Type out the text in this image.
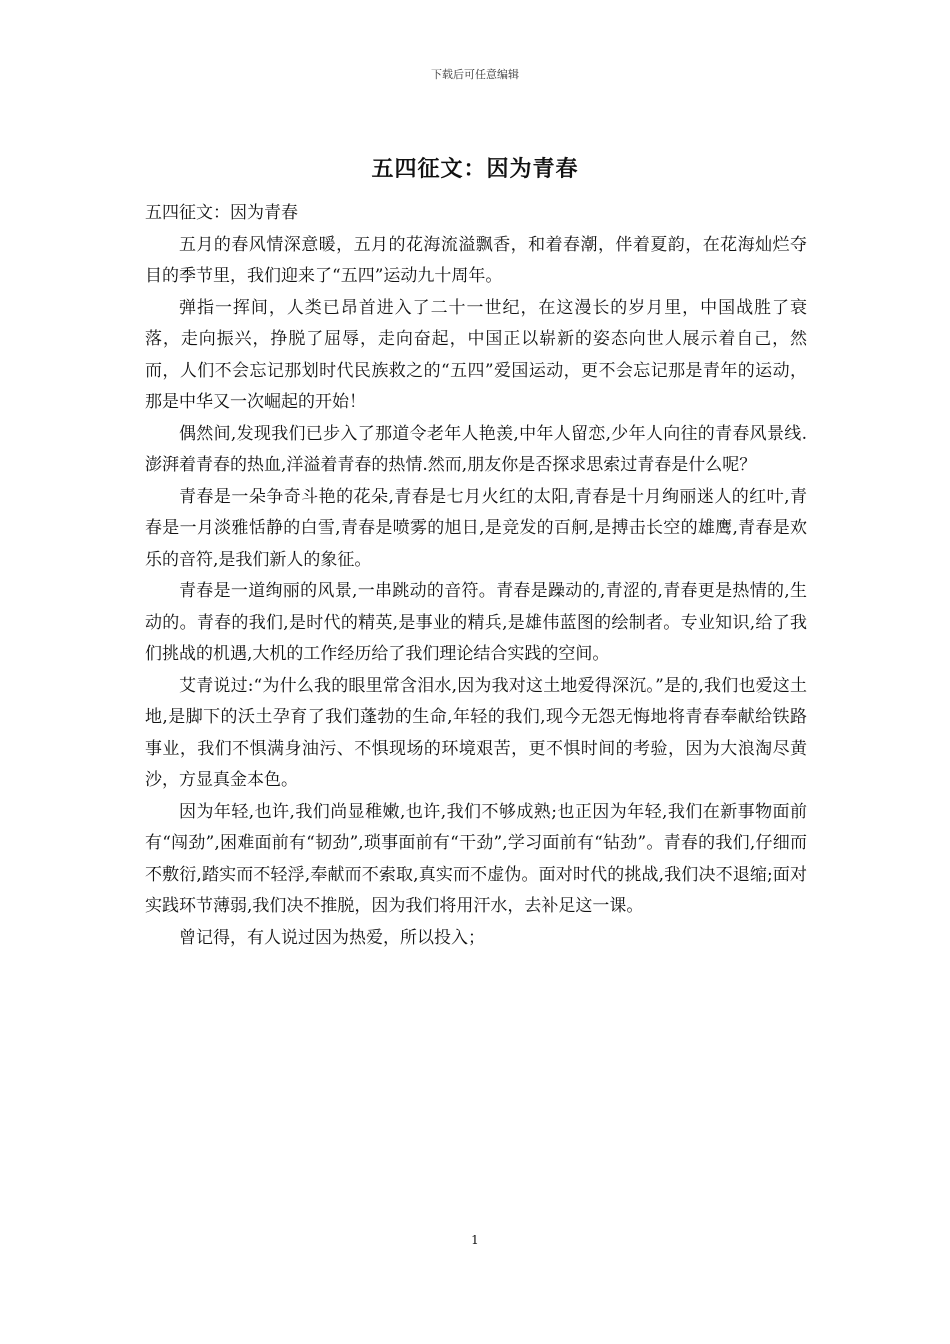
下载后可任意编辑
五四征文：因为青春

五四征文：因为青春

五月的春风情深意暖，五月的花海流溢飘香，和着春潮，伴着夏韵，在花海灿烂夺目的季节里，我们迎来了“五四”运动九十周年。

弹指一挥间，人类已昂首进入了二十一世纪，在这漫长的岁月里，中国战胜了衰落，走向振兴，挣脱了屈辱，走向奋起，中国正以崭新的姿态向世人展示着自己，然而，人们不会忘记那划时代民族救之的“五四”爱国运动，更不会忘记那是青年的运动，那是中华又一次崛起的开始！

偶然间,发现我们已步入了那道令老年人艳羡,中年人留恋,少年人向往的青春风景线.澎湃着青春的热血,洋溢着青春的热情.然而,朋友你是否探求思索过青春是什么呢？

青春是一朵争奇斗艳的花朵,青春是七月火红的太阳,青春是十月绚丽迷人的红叶,青春是一月淡雅恬静的白雪,青春是喷雾的旭日,是竞发的百舸,是搏击长空的雄鹰,青春是欢乐的音符,是我们新人的象征。

青春是一道绚丽的风景,一串跳动的音符。青春是躁动的,青涩的,青春更是热情的,生动的。青春的我们,是时代的精英,是事业的精兵,是雄伟蓝图的绘制者。专业知识,给了我们挑战的机遇,大机的工作经历给了我们理论结合实践的空间。

艾青说过:“为什么我的眼里常含泪水,因为我对这土地爱得深沉。”是的,我们也爱这土地,是脚下的沃土孕育了我们蓬勃的生命,年轻的我们,现今无怨无悔地将青春奉献给铁路事业，我们不惧满身油污、不惧现场的环境艰苦，更不惧时间的考验，因为大浪淘尽黄沙，方显真金本色。

因为年轻,也许,我们尚显稚嫩,也许,我们不够成熟;也正因为年轻,我们在新事物面前有“闯劲”,困难面前有“韧劲”,琐事面前有“干劲”,学习面前有“钻劲”。青春的我们,仔细而不敷衍,踏实而不轻浮,奉献而不索取,真实而不虚伪。面对时代的挑战,我们决不退缩;面对实践环节薄弱,我们决不推脱，因为我们将用汗水，去补足这一课。

曾记得，有人说过因为热爱，所以投入；

1
